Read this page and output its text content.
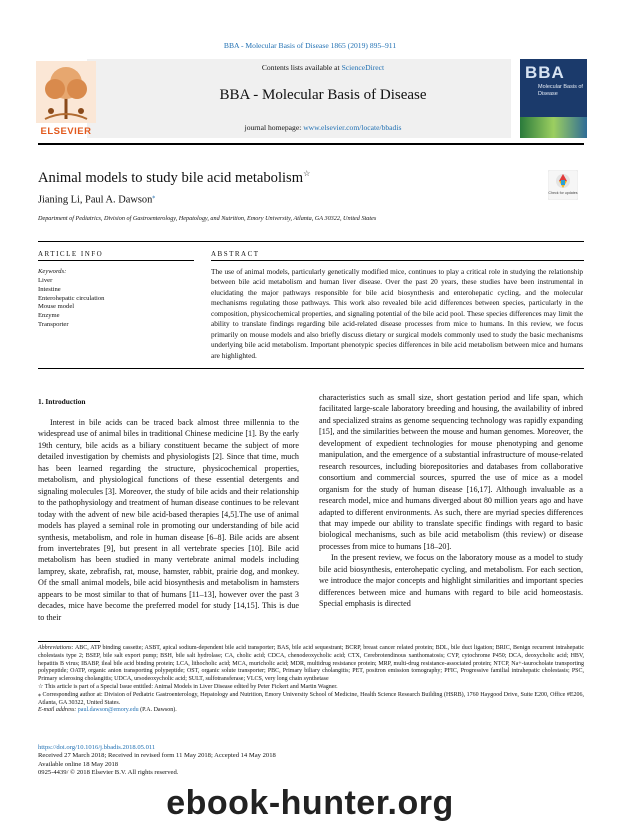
BBA - Molecular Basis of Disease 1865 (2019) 895–911
ELSEVIER
Contents lists available at ScienceDirect
BBA - Molecular Basis of Disease
journal homepage: www.elsevier.com/locate/bbadis
BBA
Molecular Basis of Disease
Animal models to study bile acid metabolism☆
Check for updates
Jianing Li, Paul A. Dawson⁎
Department of Pediatrics, Division of Gastroenterology, Hepatology, and Nutrition, Emory University, Atlanta, GA 30322, United States
ARTICLE INFO	ABSTRACT
Keywords:
Liver
Intestine
Enterohepatic circulation
Mouse model
Enzyme
Transporter
The use of animal models, particularly genetically modified mice, continues to play a critical role in studying the relationship between bile acid metabolism and human liver disease. Over the past 20 years, these studies have been instrumental in elucidating the major pathways responsible for bile acid biosynthesis and enterohepatic cycling, and the molecular mechanisms regulating those pathways. This work also revealed bile acid differences between species, particularly in the composition, physicochemical properties, and signaling potential of the bile acid pool. These species differences may limit the ability to translate findings regarding bile acid-related disease processes from mice to humans. In this review, we focus primarily on mouse models and also briefly discuss dietary or surgical models commonly used to study the basic mechanisms underlying bile acid metabolism. Important phenotypic species differences in bile acid metabolism between mice and humans are highlighted.
1. Introduction

Interest in bile acids can be traced back almost three millennia to the widespread use of animal biles in traditional Chinese medicine [1]. By the early 19th century, bile acids as a biliary constituent became the subject of more detailed investigation by chemists and physiologists [2]. Since that time, much has been learned regarding the structure, physicochemical properties, metabolism, and physiological functions of these essential detergents and signaling molecules [3]. Moreover, the study of bile acids and their relationship to the pathophysiology and treatment of human disease continues to be relevant today with the advent of new bile acid-based therapies [4,5].The use of animal models has played a seminal role in promoting our understanding of bile acid synthesis, metabolism, and role in human disease [6–8]. Bile acids are absent from invertebrates [9], but present in all vertebrate species [10]. Bile acid metabolism has been studied in many vertebrate animal models including lamprey, skate, zebrafish, rat, mouse, hamster, rabbit, prairie dog, and monkey. Of the small animal models, bile acid biosynthesis and metabolism in hamsters appears to be most similar to that of humans [11–13], however over the past 3 decades, mice have become the preferred model for study [14,15]. This is due to their

characteristics such as small size, short gestation period and life span, which facilitated large-scale laboratory breeding and housing, the availability of inbred and specialized strains as genome sequencing technology was rapidly expanding [15], and the similarities between the mouse and human genomes. Moreover, the development of expedient technologies for mouse phenotyping and genome manipulation, and the emergence of a substantial infrastructure of mouse-related research resources, including biorepositories and databases from collaborative consortium and commercial sources, spurred the use of mice as a model organism for the study of human disease [16,17]. Although invaluable as a research model, mice and humans diverged about 80 million years ago and have adapted to different environments. As such, there are myriad species differences that may impede our ability to translate specific findings with regard to basic biological mechanisms, such as bile acid metabolism (this review) or disease processes from mice to humans [18–20].

In the present review, we focus on the laboratory mouse as a model to study bile acid biosynthesis, enterohepatic cycling, and metabolism. For each section, we introduce the major concepts and highlight similarities and important species differences between mice and humans with regard to bile acid homeostasis. Special emphasis is directed

Abbreviations: ABC, ATP binding cassette; ASBT, apical sodium-dependent bile acid transporter; BAS, bile acid sequestrant; BCRP, breast cancer related protein; BDL, bile duct ligation; BRIC, Benign recurrent intrahepatic cholestasis type 2; BSEP, bile salt export pump; BSH, bile salt hydrolase; CA, cholic acid; CDCA, chenodeoxycholic acid; CTX, Cerebrotendinous xanthomatosis; CYP, cytochrome P450; DCA, deoxycholic acid; HBV, hepatitis B virus; IBABP, ileal bile acid binding protein; LCA, lithocholic acid; MCA, muricholic acid; MDR, multidrug resistance protein; MRP, multi-drug resistance-associated protein; NTCP, Na+-taurocholate transporting polypeptide; OATP, organic anion transporting polypeptide; OST, organic solute transporter; PBC, Primary biliary cholangitis; PET, positron emission tomography; PFIC, Progressive familial intrahepatic cholestasis; PSC, Primary sclerosing cholangitis; UDCA, ursodeoxycholic acid; SULT, sulfotransferase; VLCS, very long chain synthetase

☆ This article is part of a Special Issue entitled: Animal Models in Liver Disease edited by Peter Fickert and Martin Wagner.

⁎ Corresponding author at: Division of Pediatric Gastroenterology, Hepatology and Nutrition, Emory University School of Medicine, Health Science Research Building (HSRB), 1760 Haygood Drive, Suite E200, Office #E206, Atlanta, GA 30322, United States.

E-mail address: paul.dawson@emory.edu (P.A. Dawson).

https://doi.org/10.1016/j.bbadis.2018.05.011
Received 27 March 2018; Received in revised form 11 May 2018; Accepted 14 May 2018
Available online 18 May 2018
0925-4439/ © 2018 Elsevier B.V. All rights reserved.
ebook-hunter.org
